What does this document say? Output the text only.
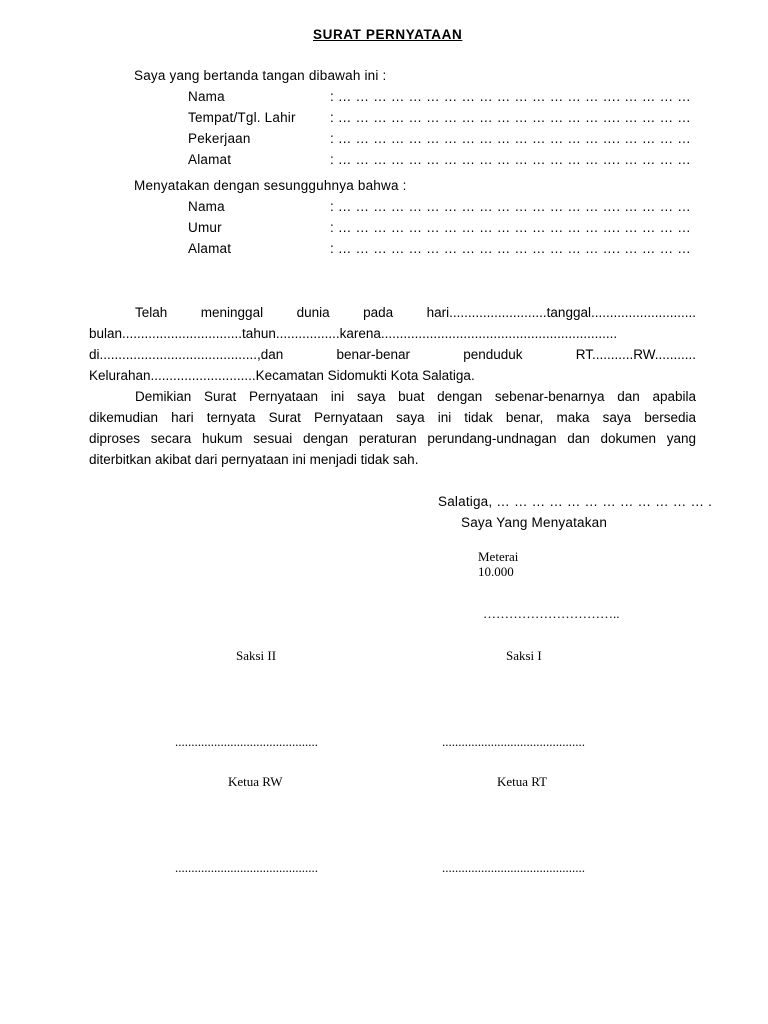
SURAT PERNYATAAN
Saya yang bertanda tangan dibawah ini :
Nama	: … … … … … … … … … … … … … … … …. … … … …
Tempat/Tgl. Lahir	: … … … … … … … … … … … … … … … …. … … … …
Pekerjaan	: … … … … … … … … … … … … … … … …. … … … …
Alamat	: … … … … … … … … … … … … … … … …. … … … …
Menyatakan dengan sesungguhnya bahwa :
Nama	: … … … … … … … … … … … … … … … …. … … … …
Umur	: … … … … … … … … … … … … … … … …. … … … …
Alamat	: … … … … … … … … … … … … … … … …. … … … …
Telah meninggal dunia pada hari..........................tanggal............................
bulan................................tahun.................karena...............................................................
di..........................................,dan benar-benar penduduk RT...........RW...........
Kelurahan............................Kecamatan Sidomukti Kota Salatiga.
Demikian Surat Pernyataan ini saya buat dengan sebenar-benarnya dan apabila
dikemudian hari ternyata Surat Pernyataan saya ini tidak benar, maka saya bersedia
diproses secara hukum sesuai dengan peraturan perundang-undnagan dan dokumen yang
diterbitkan akibat dari pernyataan ini menjadi tidak sah.
Salatiga, … … … … … … … … … … … … .
Saya Yang Menyatakan
Meterai
10.000
…………………………..
Saksi II	Saksi I
............................................	............................................
Ketua RW	Ketua RT
............................................	............................................
